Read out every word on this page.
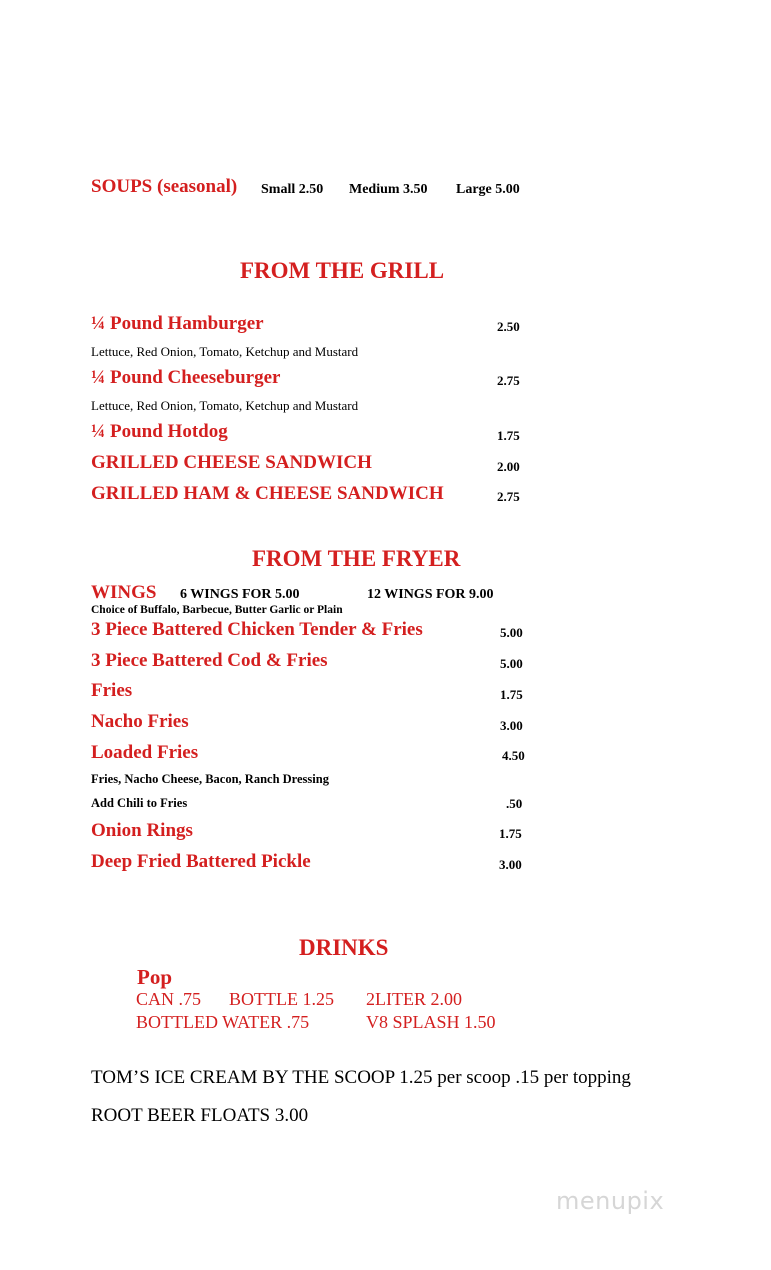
SOUPS (seasonal) Small 2.50 Medium 3.50 Large 5.00
FROM THE GRILL
¼ Pound Hamburger	2.50
Lettuce, Red Onion, Tomato, Ketchup and Mustard
¼ Pound Cheeseburger	2.75
Lettuce, Red Onion, Tomato, Ketchup and Mustard
¼ Pound Hotdog	1.75
GRILLED CHEESE SANDWICH	2.00
GRILLED HAM & CHEESE SANDWICH	2.75
FROM THE FRYER
WINGS 6 WINGS FOR 5.00	12 WINGS FOR 9.00
Choice of Buffalo, Barbecue, Butter Garlic or Plain
3 Piece Battered Chicken Tender & Fries	5.00
3 Piece Battered Cod & Fries	5.00
Fries	1.75
Nacho Fries	3.00
Loaded Fries	4.50
Fries, Nacho Cheese, Bacon, Ranch Dressing
Add Chili to Fries	.50
Onion Rings	1.75
Deep Fried Battered Pickle	3.00
DRINKS
Pop
CAN .75 BOTTLE 1.25 2LITER 2.00
BOTTLED WATER .75	V8 SPLASH 1.50
TOM’S ICE CREAM BY THE SCOOP 1.25 per scoop .15 per topping
ROOT BEER FLOATS 3.00
menupix
